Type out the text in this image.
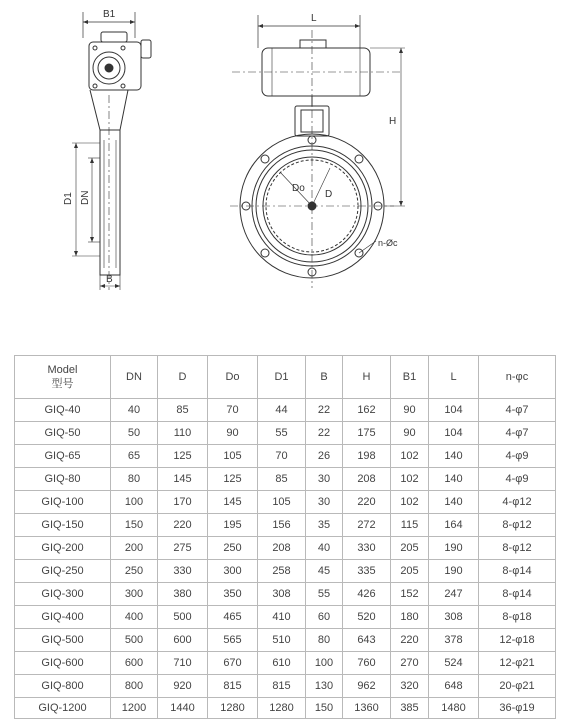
B1	L
H
D1 DN
B
Do
D
n-Øc
Model
型号	DN	D	Do	D1	B	H	B1	L	n-φc
GIQ-40	40	85	70	44	22	162	90	104	4-φ7
GIQ-50	50	110	90	55	22	175	90	104	4-φ7
GIQ-65	65	125	105	70	26	198	102	140	4-φ9
GIQ-80	80	145	125	85	30	208	102	140	4-φ9
GIQ-100	100	170	145	105	30	220	102	140	4-φ12
GIQ-150	150	220	195	156	35	272	115	164	8-φ12
GIQ-200	200	275	250	208	40	330	205	190	8-φ12
GIQ-250	250	330	300	258	45	335	205	190	8-φ14
GIQ-300	300	380	350	308	55	426	152	247	8-φ14
GIQ-400	400	500	465	410	60	520	180	308	8-φ18
GIQ-500	500	600	565	510	80	643	220	378	12-φ18
GIQ-600	600	710	670	610	100	760	270	524	12-φ21
GIQ-800	800	920	815	815	130	962	320	648	20-φ21
GIQ-1200	1200	1440	1280	1280	150	1360	385	1480	36-φ19
